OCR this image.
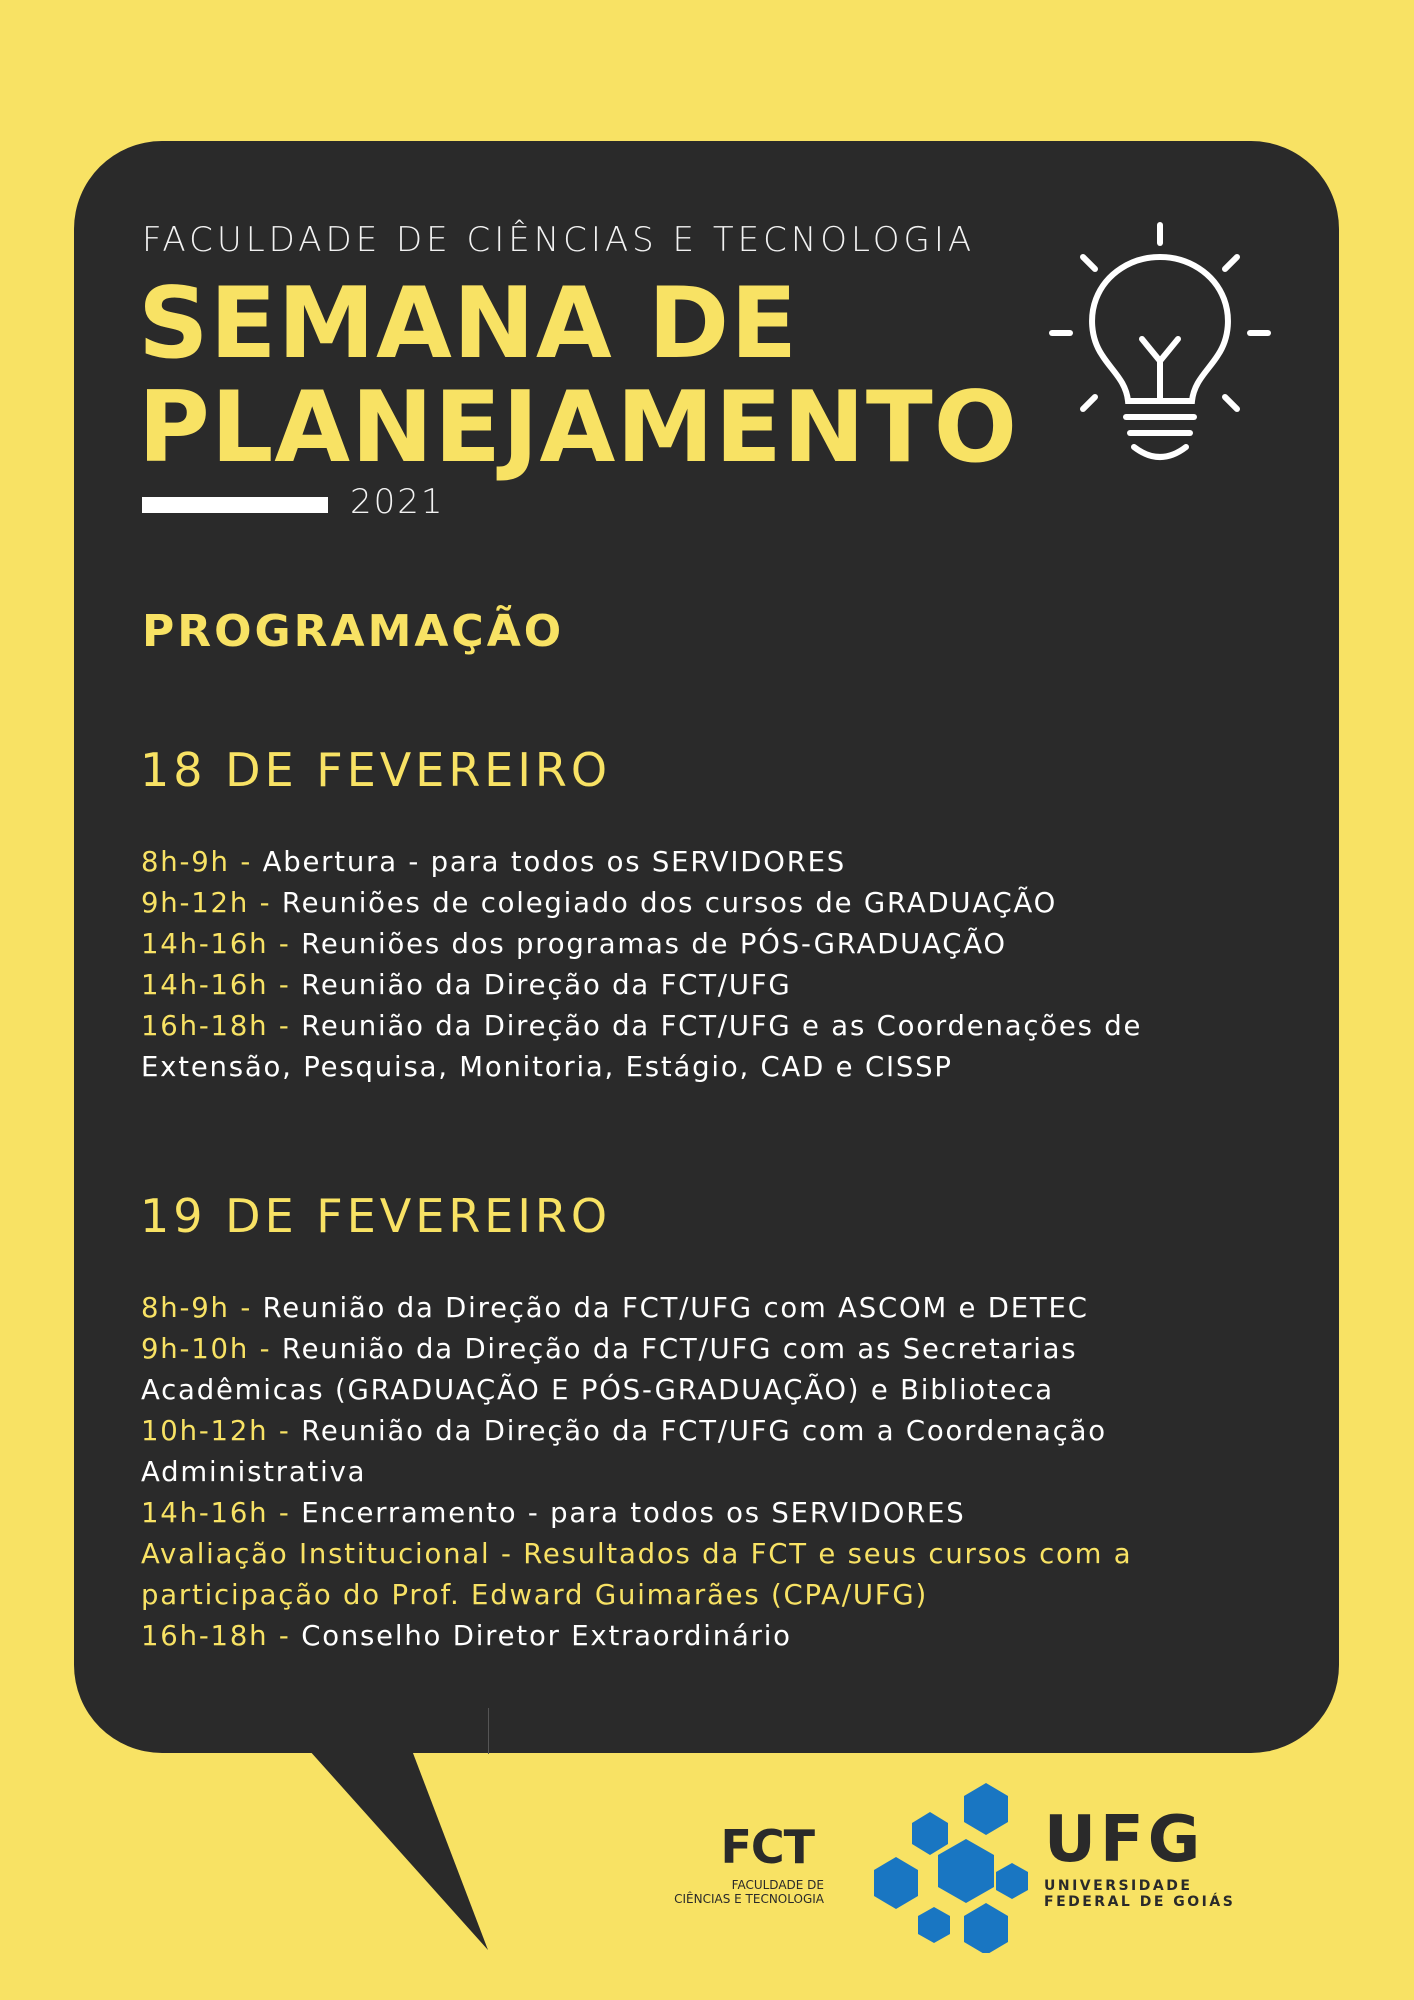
FACULDADE DE CIÊNCIAS E TECNOLOGIA
SEMANA DE
PLANEJAMENTO
2021
PROGRAMAÇÃO
18 DE FEVEREIRO
8h-9h - Abertura - para todos os SERVIDORES
9h-12h - Reuniões de colegiado dos cursos de GRADUAÇÃO
14h-16h - Reuniões dos programas de PÓS-GRADUAÇÃO
14h-16h - Reunião da Direção da FCT/UFG
16h-18h - Reunião da Direção da FCT/UFG e as Coordenações de Extensão, Pesquisa, Monitoria, Estágio, CAD e CISSP
19 DE FEVEREIRO
8h-9h - Reunião da Direção da FCT/UFG com ASCOM e DETEC
9h-10h - Reunião da Direção da FCT/UFG com as Secretarias Acadêmicas (GRADUAÇÃO E PÓS-GRADUAÇÃO) e Biblioteca
10h-12h - Reunião da Direção da FCT/UFG com a Coordenação Administrativa
14h-16h - Encerramento - para todos os SERVIDORES
Avaliação Institucional - Resultados da FCT e seus cursos com a participação do Prof. Edward Guimarães (CPA/UFG)
16h-18h - Conselho Diretor Extraordinário
FCT
FACULDADE DE
CIÊNCIAS E TECNOLOGIA
UFG
UNIVERSIDADE
FEDERAL DE GOIÁS
